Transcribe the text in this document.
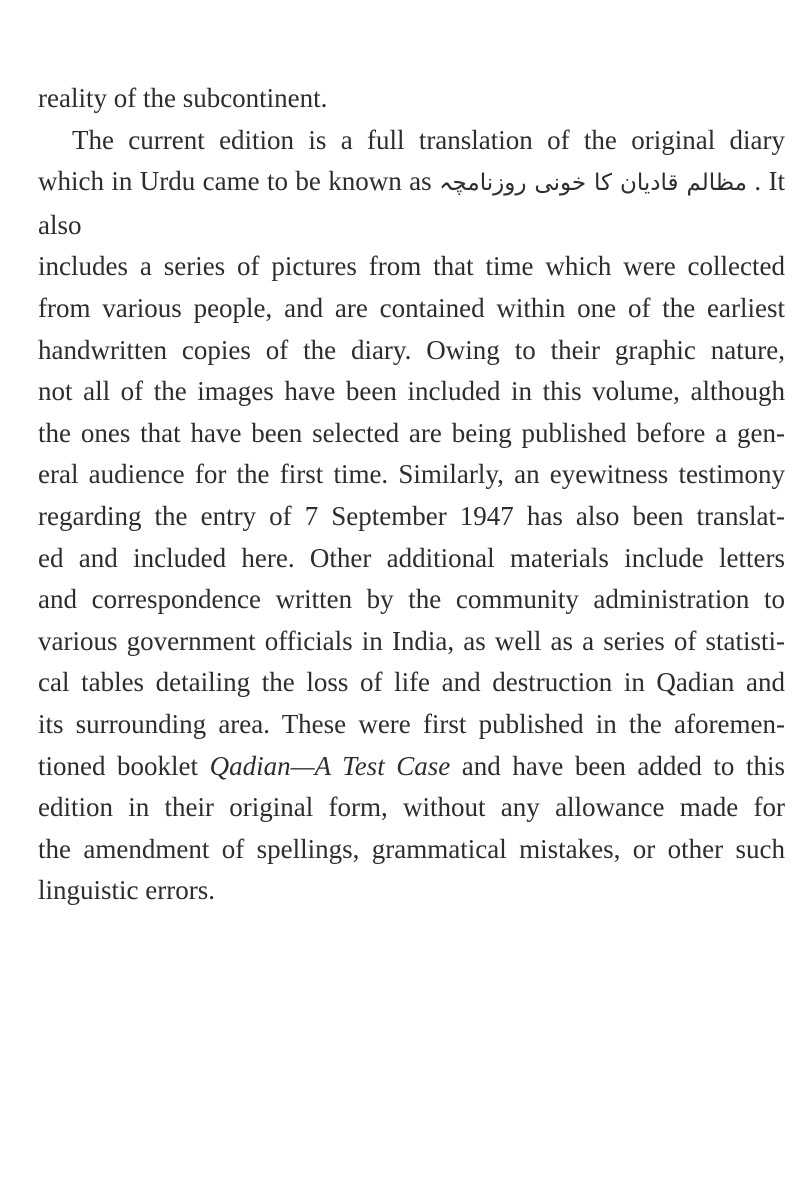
reality of the subcontinent.
The current edition is a full translation of the original diary
which in Urdu came to be known as مظالم قادیان کا خونی روزنامچہ . It also
includes a series of pictures from that time which were collected
from various people, and are contained within one of the earliest
handwritten copies of the diary. Owing to their graphic nature,
not all of the images have been included in this volume, although
the ones that have been selected are being published before a gen-
eral audience for the first time. Similarly, an eyewitness testimony
regarding the entry of 7 September 1947 has also been translat-
ed and included here. Other additional materials include letters
and correspondence written by the community administration to
various government officials in India, as well as a series of statisti-
cal tables detailing the loss of life and destruction in Qadian and
its surrounding area. These were first published in the aforemen-
tioned booklet Qadian—A Test Case and have been added to this
edition in their original form, without any allowance made for
the amendment of spellings, grammatical mistakes, or other such
linguistic errors.
